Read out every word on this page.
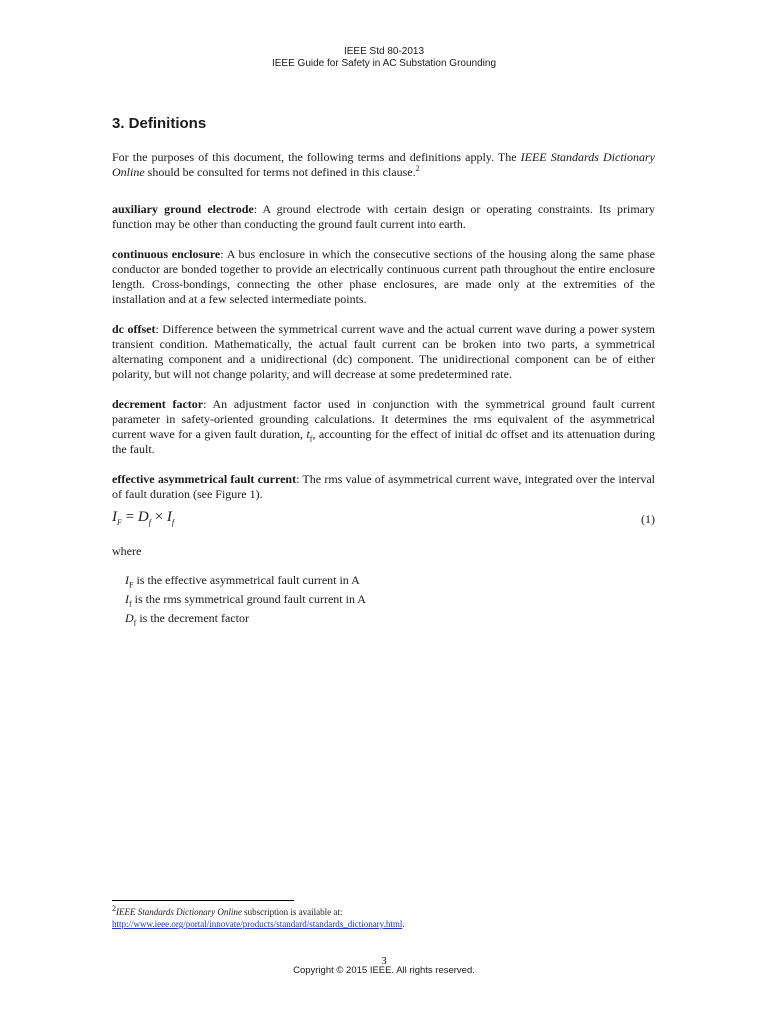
IEEE Std 80-2013
IEEE Guide for Safety in AC Substation Grounding
3. Definitions

For the purposes of this document, the following terms and definitions apply. The IEEE Standards Dictionary Online should be consulted for terms not defined in this clause.$^2$

auxiliary ground electrode: A ground electrode with certain design or operating constraints. Its primary function may be other than conducting the ground fault current into earth.

continuous enclosure: A bus enclosure in which the consecutive sections of the housing along the same phase conductor are bonded together to provide an electrically continuous current path throughout the entire enclosure length. Cross-bondings, connecting the other phase enclosures, are made only at the extremities of the installation and at a few selected intermediate points.

dc offset: Difference between the symmetrical current wave and the actual current wave during a power system transient condition. Mathematically, the actual fault current can be broken into two parts, a symmetrical alternating component and a unidirectional (dc) component. The unidirectional component can be of either polarity, but will not change polarity, and will decrease at some predetermined rate.

decrement factor: An adjustment factor used in conjunction with the symmetrical ground fault current parameter in safety-oriented grounding calculations. It determines the rms equivalent of the asymmetrical current wave for a given fault duration, $t_f$, accounting for the effect of initial dc offset and its attenuation during the fault.

effective asymmetrical fault current: The rms value of asymmetrical current wave, integrated over the interval of fault duration (see Figure 1).

$I_F = D_f \times I_f$	(1)
where
$I_F$ is the effective asymmetrical fault current in A
$I_f$ is the rms symmetrical ground fault current in A
$D_f$ is the decrement factor
$^2$IEEE Standards Dictionary Online subscription is available at:
http://www.ieee.org/portal/innovate/products/standard/standards_dictionary.html.
3
Copyright © 2015 IEEE. All rights reserved.
